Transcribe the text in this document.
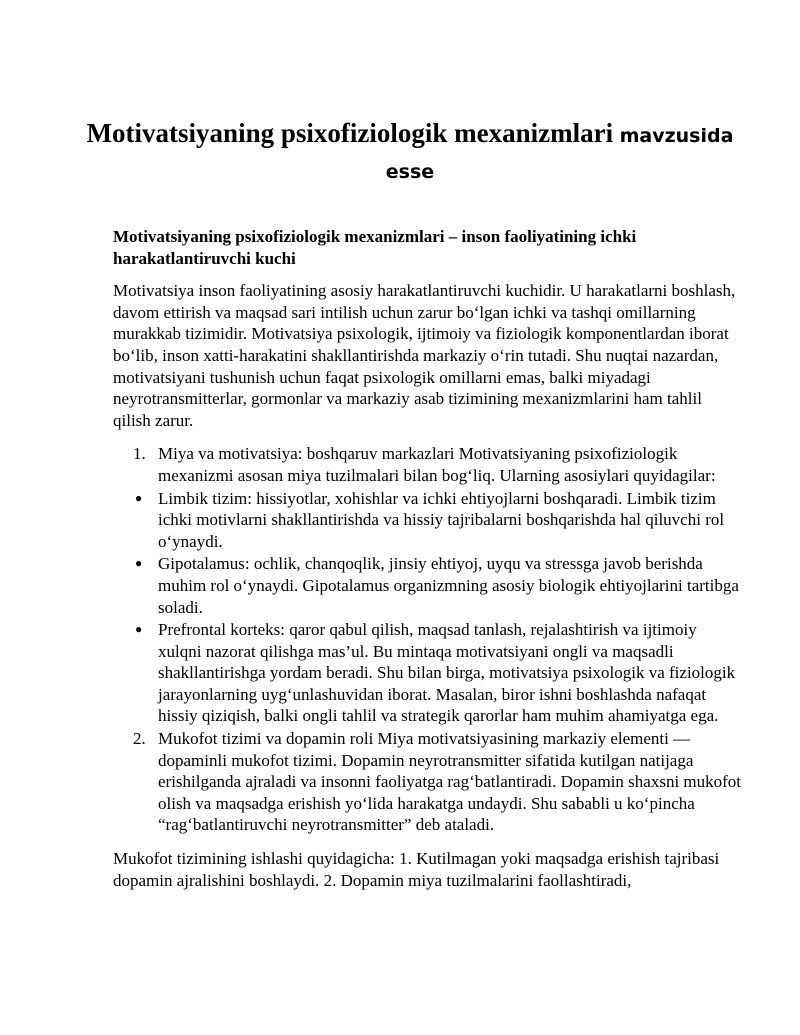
Motivatsiyaning psixofiziologik mexanizmlari mavzusida esse
Motivatsiyaning psixofiziologik mexanizmlari – inson faoliyatining ichki harakatlantiruvchi kuchi

Motivatsiya inson faoliyatining asosiy harakatlantiruvchi kuchidir. U harakatlarni boshlash, davom ettirish va maqsad sari intilish uchun zarur boʻlgan ichki va tashqi omillarning murakkab tizimidir. Motivatsiya psixologik, ijtimoiy va fiziologik komponentlardan iborat boʻlib, inson xatti-harakatini shakllantirishda markaziy oʻrin tutadi. Shu nuqtai nazardan, motivatsiyani tushunish uchun faqat psixologik omillarni emas, balki miyadagi neyrotransmitterlar, gormonlar va markaziy asab tizimining mexanizmlarini ham tahlil qilish zarur.

1. Miya va motivatsiya: boshqaruv markazlari Motivatsiyaning psixofiziologik mexanizmi asosan miya tuzilmalari bilan bogʻliq. Ularning asosiylari quyidagilar:
● Limbik tizim: hissiyotlar, xohishlar va ichki ehtiyojlarni boshqaradi. Limbik tizim ichki motivlarni shakllantirishda va hissiy tajribalarni boshqarishda hal qiluvchi rol oʻynaydi.
● Gipotalamus: ochlik, chanqoqlik, jinsiy ehtiyoj, uyqu va stressga javob berishda muhim rol oʻynaydi. Gipotalamus organizmning asosiy biologik ehtiyojlarini tartibga soladi.
● Prefrontal korteks: qaror qabul qilish, maqsad tanlash, rejalashtirish va ijtimoiy xulqni nazorat qilishga mas’ul. Bu mintaqa motivatsiyani ongli va maqsadli shakllantirishga yordam beradi. Shu bilan birga, motivatsiya psixologik va fiziologik jarayonlarning uygʻunlashuvidan iborat. Masalan, biror ishni boshlashda nafaqat hissiy qiziqish, balki ongli tahlil va strategik qarorlar ham muhim ahamiyatga ega.
2. Mukofot tizimi va dopamin roli Miya motivatsiyasining markaziy elementi — dopaminli mukofot tizimi. Dopamin neyrotransmitter sifatida kutilgan natijaga erishilganda ajraladi va insonni faoliyatga ragʻbatlantiradi. Dopamin shaxsni mukofot olish va maqsadga erishish yoʻlida harakatga undaydi. Shu sababli u koʻpincha “ragʻbatlantiruvchi neyrotransmitter” deb ataladi.

Mukofot tizimining ishlashi quyidagicha: 1. Kutilmagan yoki maqsadga erishish tajribasi dopamin ajralishini boshlaydi. 2. Dopamin miya tuzilmalarini faollashtiradi,
